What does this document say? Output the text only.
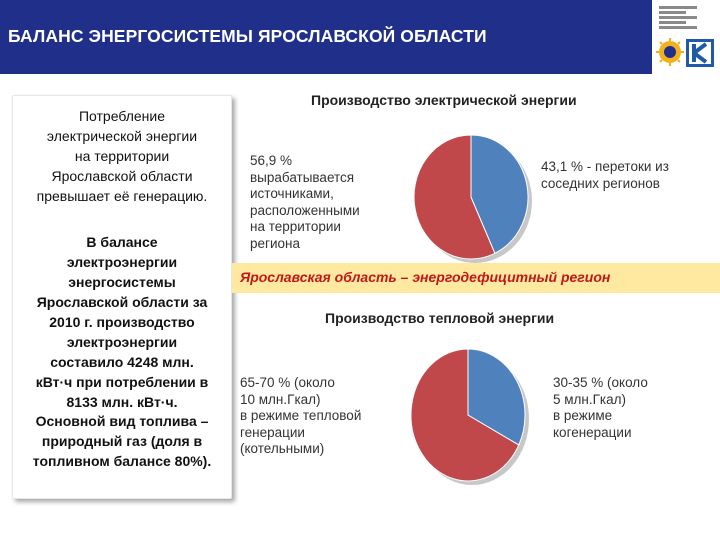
БАЛАНС ЭНЕРГОСИСТЕМЫ ЯРОСЛАВСКОЙ ОБЛАСТИ
Потребление
электрической энергии
на территории
Ярославской области
превышает её генерацию.
В балансе
электроэнергии
энергосистемы
Ярославской области за
2010 г. производство
электроэнергии
составило 4248 млн.
кВт·ч при потреблении в
8133 млн. кВт·ч.
Основной вид топлива –
природный газ (доля в
топливном балансе 80%).
Производство электрической энергии
56,9 %
вырабатывается
источниками,
расположенными
на территории
региона
43,1 % - перетоки из
соседних регионов
Ярославская область – энергодефицитный регион
Производство тепловой энергии
65-70 % (около
10 млн.Гкал)
в режиме тепловой
генерации
(котельными)
30-35 % (около
5 млн.Гкал)
в режиме
когенерации
